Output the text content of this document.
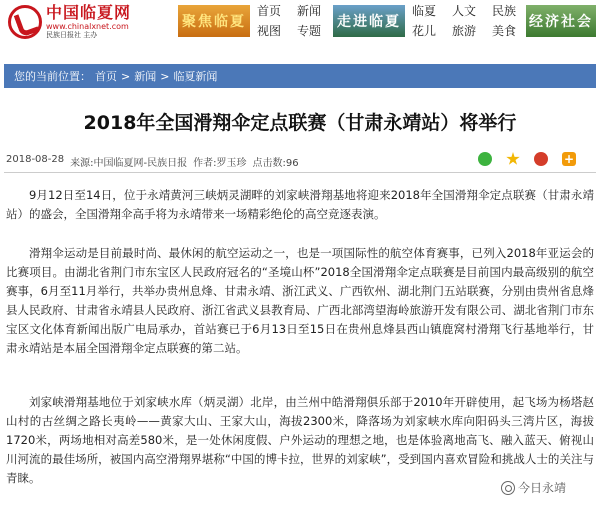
中国临夏网
www.chinalxnet.com
民族日报社 主办
聚焦临夏
首页	新闻
视图	专题
走进临夏
临夏	人文	民族
花儿	旅游	美食
经济社会
您的当前位置： 首页 > 新闻 > 临夏新闻
2018年全国滑翔伞定点联赛（甘肃永靖站）将举行
2018-08-28 来源:中国临夏网-民族日报 作者:罗玉珍 点击数:96	+

9月12日至14日，位于永靖黄河三峡炳灵湖畔的刘家峡滑翔基地将迎来2018年全国滑翔伞定点联赛（甘肃永靖站）的盛会，全国滑翔伞高手将为永靖带来一场精彩绝伦的高空竞逐表演。

滑翔伞运动是目前最时尚、最休闲的航空运动之一，也是一项国际性的航空体育赛事，已列入2018年亚运会的比赛项目。由湖北省荆门市东宝区人民政府冠名的“圣境山杯”2018全国滑翔伞定点联赛是目前国内最高级别的航空赛事，6月至11月举行，共举办贵州息烽、甘肃永靖、浙江武义、广西钦州、湖北荆门五站联赛，分别由贵州省息烽县人民政府、甘肃省永靖县人民政府、浙江省武义县教育局、广西北部湾望海岭旅游开发有限公司、湖北省荆门市东宝区文化体育新闻出版广电局承办，首站赛已于6月13日至15日在贵州息烽县西山镇鹿窝村滑翔飞行基地举行，甘肃永靖站是本届全国滑翔伞定点联赛的第二站。

刘家峡滑翔基地位于刘家峡水库（炳灵湖）北岸，由兰州中皓滑翔俱乐部于2010年开辟使用，起飞场为杨塔赵山村的古丝绸之路长夷岭——黄家大山、王家大山，海拔2300米，降落场为刘家峡水库向阳码头三湾片区，海拔1720米，两场地相对高差580米，是一处休闲度假、户外运动的理想之地，也是体验离地高飞、融入蓝天、俯视山川河流的最佳场所，被国内高空滑翔界堪称“中国的博卡拉，世界的刘家峡”，受到国内喜欢冒险和挑战人士的关注与青睐。

今日永靖
